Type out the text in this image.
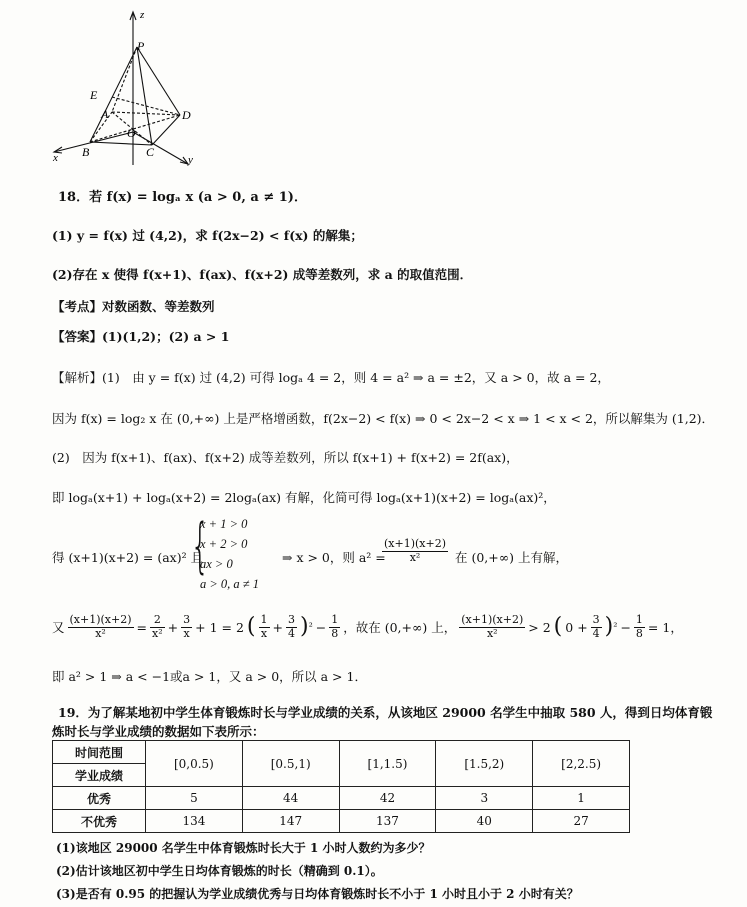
z
P
E
A	D
O
B	C
x	y
18．若 f(x) = logₐ x (a > 0, a ≠ 1)．
(1) y = f(x) 过 (4,2)，求 f(2x−2) < f(x) 的解集；
(2)存在 x 使得 f(x+1)、f(ax)、f(x+2) 成等差数列，求 a 的取值范围．
【考点】对数函数、等差数列
【答案】(1)(1,2)；(2) a > 1
【解析】(1)　由 y = f(x) 过 (4,2) 可得 logₐ 4 = 2，则 4 = a² ⇒ a = ±2，又 a > 0，故 a = 2，
因为 f(x) = log₂ x 在 (0,+∞) 上是严格增函数，f(2x−2) < f(x) ⇒ 0 < 2x−2 < x ⇒ 1 < x < 2，所以解集为 (1,2)．
(2)　因为 f(x+1)、f(ax)、f(x+2) 成等差数列，所以 f(x+1) + f(x+2) = 2f(ax)，
即 logₐ(x+1) + logₐ(x+2) = 2logₐ(ax) 有解，化简可得 logₐ(x+1)(x+2) = logₐ(ax)²，
得 (x+1)(x+2) = (ax)² 且
{
x + 1 > 0
x + 2 > 0
ax > 0
a > 0, a ≠ 1
⇒ x > 0，则 a² =
$\frac{(x+1)(x+2)}{\text{x²}}$ 在 (0,+∞) 上有解，
又 $\frac{(x+1)(x+2)}{\text{x²}} = \frac{2}{\text{x²}} + \frac{3}{x} + 1 = 2$ ( $\frac{1}{x} + \frac{3}{4}$ ) $^2 - \frac{1}{8}$ ，故在 (0,+∞) 上， $\frac{(x+1)(x+2)}{\text{x²}} > 2$ ( $0 + \frac{3}{4}$ ) $^2 - \frac{1}{8} = 1$，
即 a² > 1 ⇒ a < −1或a > 1，又 a > 0，所以 a > 1．
19．为了解某地初中学生体育锻炼时长与学业成绩的关系，从该地区 29000 名学生中抽取 580 人，得到日均体育锻
炼时长与学业成绩的数据如下表所示：
时间范围	[0,0.5)	[0.5,1)	[1,1.5)	[1.5,2)	[2,2.5)
学业成绩					
优秀	5	44	42	3	1
不优秀	134	147	137	40	27
(1)该地区 29000 名学生中体育锻炼时长大于 1 小时人数约为多少？
(2)估计该地区初中学生日均体育锻炼的时长（精确到 0.1）。
(3)是否有 0.95 的把握认为学业成绩优秀与日均体育锻炼时长不小于 1 小时且小于 2 小时有关？
